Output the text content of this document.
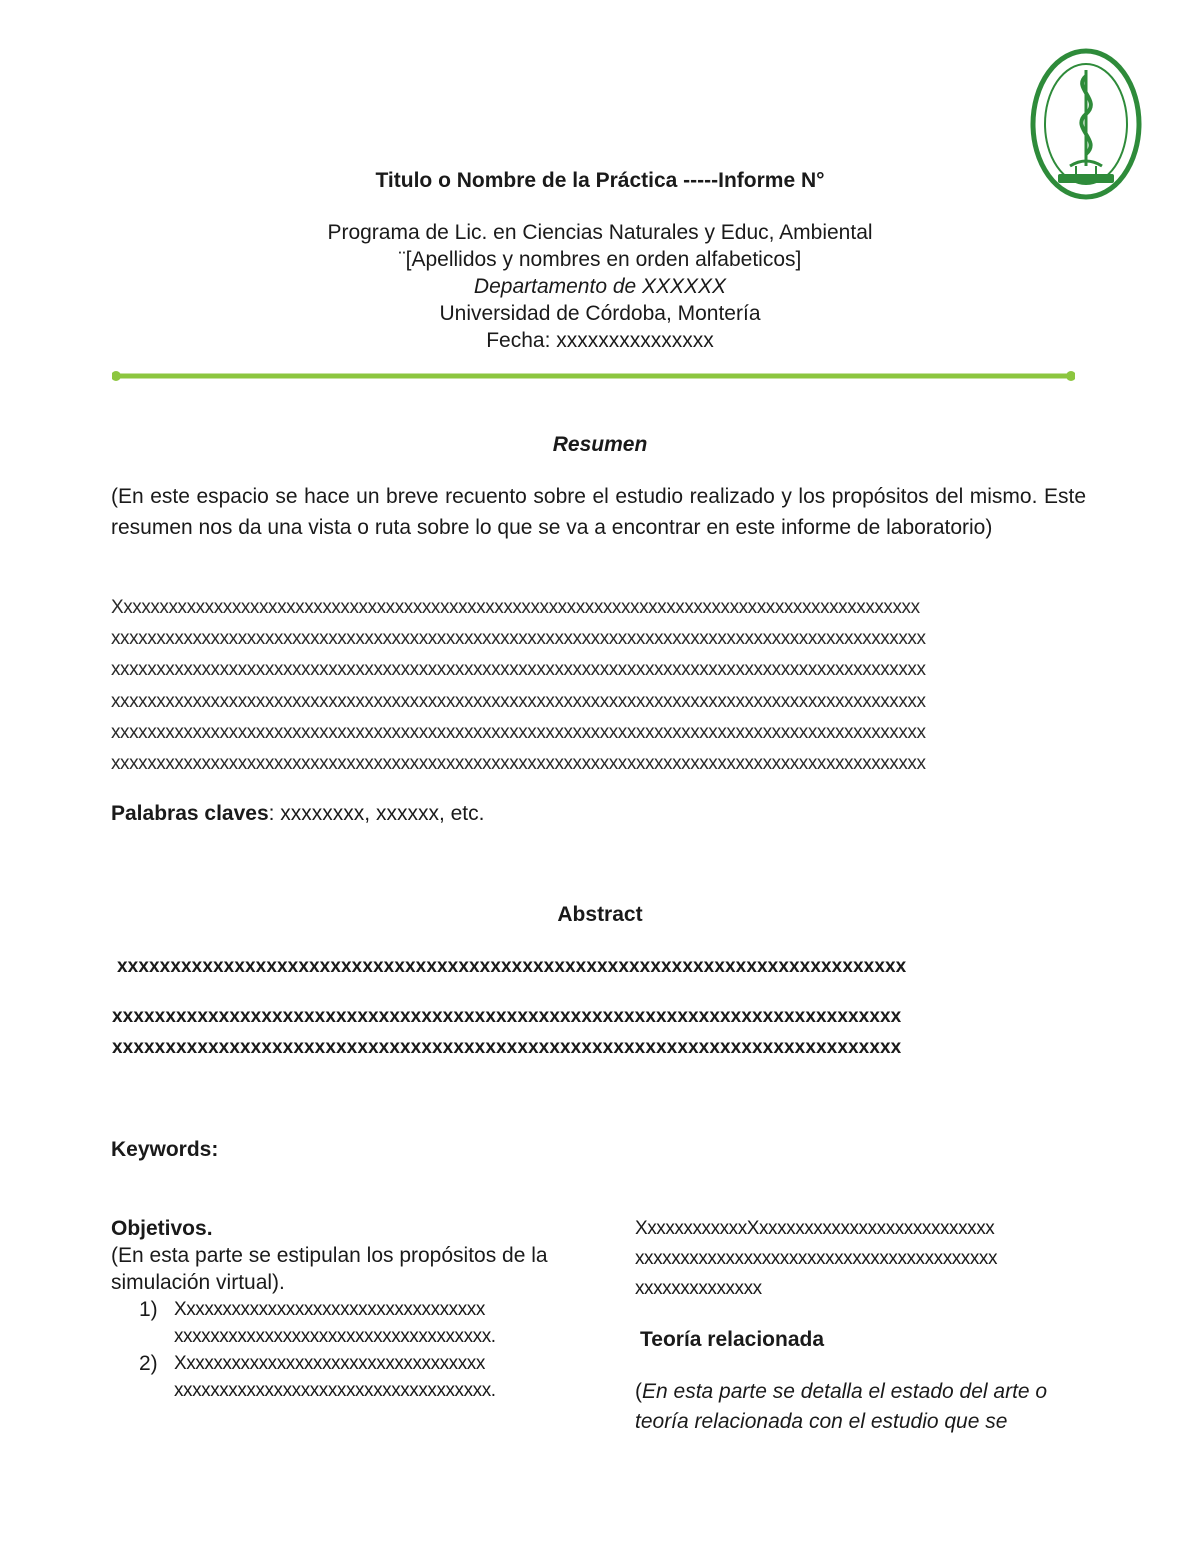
Titulo o Nombre de la Práctica -----Informe N°
Programa de Lic. en Ciencias Naturales y Educ, Ambiental
¨[Apellidos y nombres en orden alfabeticos]
Departamento de XXXXXX
Universidad de Córdoba, Montería
Fecha: xxxxxxxxxxxxxxx
Resumen
(En este espacio se hace un breve recuento sobre el estudio realizado y los propósitos del mismo. Este resumen nos da una vista o ruta sobre lo que se va a encontrar en este informe de laboratorio)
Xxxxxxxxxxxxxxxxxxxxxxxxxxxxxxxxxxxxxxxxxxxxxxxxxxxxxxxxxxxxxxxxxxxxxxxxxxxxxxxxxxxxxxxxx
xxxxxxxxxxxxxxxxxxxxxxxxxxxxxxxxxxxxxxxxxxxxxxxxxxxxxxxxxxxxxxxxxxxxxxxxxxxxxxxxxxxxxxxxxx
xxxxxxxxxxxxxxxxxxxxxxxxxxxxxxxxxxxxxxxxxxxxxxxxxxxxxxxxxxxxxxxxxxxxxxxxxxxxxxxxxxxxxxxxxx
xxxxxxxxxxxxxxxxxxxxxxxxxxxxxxxxxxxxxxxxxxxxxxxxxxxxxxxxxxxxxxxxxxxxxxxxxxxxxxxxxxxxxxxxxx
xxxxxxxxxxxxxxxxxxxxxxxxxxxxxxxxxxxxxxxxxxxxxxxxxxxxxxxxxxxxxxxxxxxxxxxxxxxxxxxxxxxxxxxxxx
xxxxxxxxxxxxxxxxxxxxxxxxxxxxxxxxxxxxxxxxxxxxxxxxxxxxxxxxxxxxxxxxxxxxxxxxxxxxxxxxxxxxxxxxxx
Palabras claves: xxxxxxxx, xxxxxx, etc.
Abstract
xxxxxxxxxxxxxxxxxxxxxxxxxxxxxxxxxxxxxxxxxxxxxxxxxxxxxxxxxxxxxxxxxxxxxxxxxx
xxxxxxxxxxxxxxxxxxxxxxxxxxxxxxxxxxxxxxxxxxxxxxxxxxxxxxxxxxxxxxxxxxxxxxxxxx
xxxxxxxxxxxxxxxxxxxxxxxxxxxxxxxxxxxxxxxxxxxxxxxxxxxxxxxxxxxxxxxxxxxxxxxxxx
Keywords:
Objetivos.
(En esta parte se estipulan los propósitos de la simulación virtual).
1) Xxxxxxxxxxxxxxxxxxxxxxxxxxxxxxxxxx
xxxxxxxxxxxxxxxxxxxxxxxxxxxxxxxxxxx.
2) Xxxxxxxxxxxxxxxxxxxxxxxxxxxxxxxxxx
xxxxxxxxxxxxxxxxxxxxxxxxxxxxxxxxxxx.
XxxxxxxxxxxxXxxxxxxxxxxxxxxxxxxxxxxxxxx
xxxxxxxxxxxxxxxxxxxxxxxxxxxxxxxxxxxxxxxx
xxxxxxxxxxxxxx
Teoría relacionada
(En esta parte se detalla el estado del arte o teoría relacionada con el estudio que se
